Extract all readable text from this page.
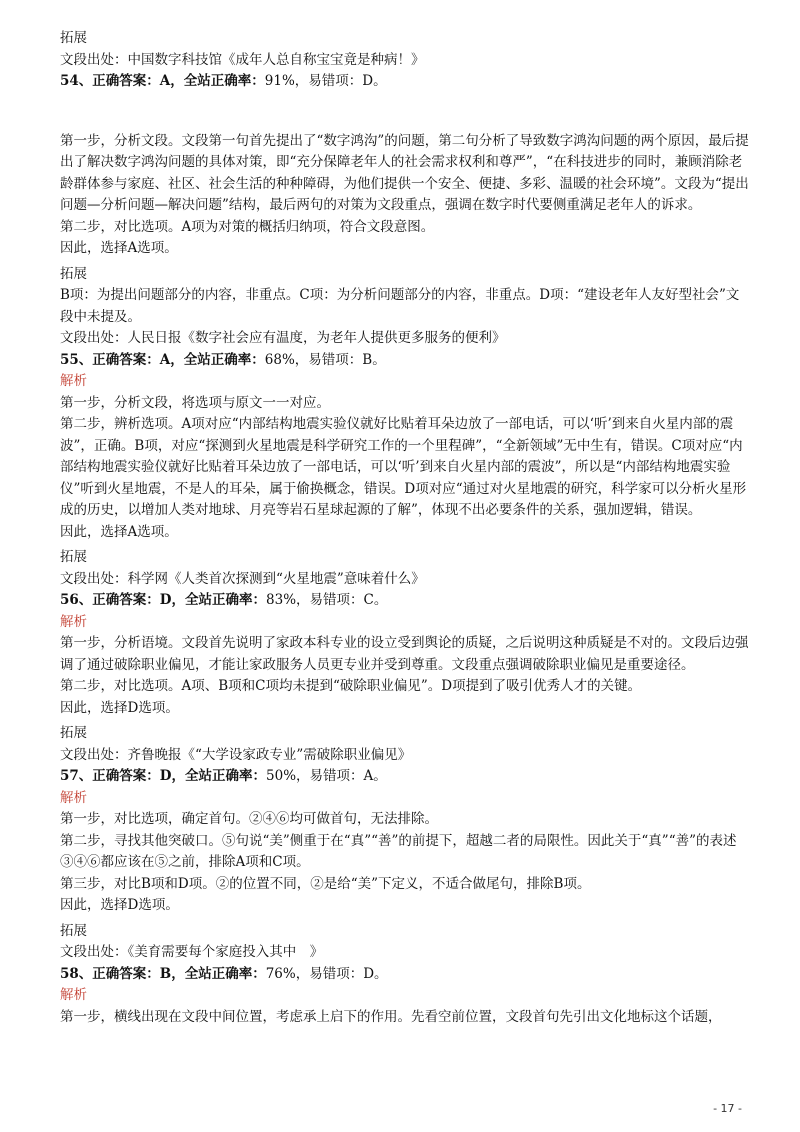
拓展

文段出处：中国数字科技馆《成年人总自称宝宝竟是种病！》

54、正确答案：A，全站正确率：91%，易错项：D。

第一步，分析文段。文段第一句首先提出了“数字鸿沟”的问题，第二句分析了导致数字鸿沟问题的两个原因，最后提出了解决数字鸿沟问题的具体对策，即“充分保障老年人的社会需求权利和尊严”，“在科技进步的同时，兼顾消除老龄群体参与家庭、社区、社会生活的种种障碍，为他们提供一个安全、便捷、多彩、温暖的社会环境”。文段为“提出问题—分析问题—解决问题”结构，最后两句的对策为文段重点，强调在数字时代要侧重满足老年人的诉求。

第二步，对比选项。A项为对策的概括归纳项，符合文段意图。

因此，选择A选项。

拓展

B项：为提出问题部分的内容，非重点。C项：为分析问题部分的内容，非重点。D项：“建设老年人友好型社会”文段中未提及。

文段出处：人民日报《数字社会应有温度，为老年人提供更多服务的便利》

55、正确答案：A，全站正确率：68%，易错项：B。

解析

第一步，分析文段，将选项与原文一一对应。

第二步，辨析选项。A项对应“内部结构地震实验仪就好比贴着耳朵边放了一部电话，可以‘听’到来自火星内部的震波”，正确。B项，对应“探测到火星地震是科学研究工作的一个里程碑”，“全新领域”无中生有，错误。C项对应“内部结构地震实验仪就好比贴着耳朵边放了一部电话，可以‘听’到来自火星内部的震波”，所以是“内部结构地震实验仪”听到火星地震，不是人的耳朵，属于偷换概念，错误。D项对应“通过对火星地震的研究，科学家可以分析火星形成的历史，以增加人类对地球、月亮等岩石星球起源的了解”，体现不出必要条件的关系，强加逻辑，错误。

因此，选择A选项。

拓展

文段出处：科学网《人类首次探测到“火星地震”意味着什么》

56、正确答案：D，全站正确率：83%，易错项：C。

解析

第一步，分析语境。文段首先说明了家政本科专业的设立受到舆论的质疑，之后说明这种质疑是不对的。文段后边强调了通过破除职业偏见，才能让家政服务人员更专业并受到尊重。文段重点强调破除职业偏见是重要途径。

第二步，对比选项。A项、B项和C项均未提到“破除职业偏见”。D项提到了吸引优秀人才的关键。

因此，选择D选项。

拓展

文段出处：齐鲁晚报《“大学设家政专业”需破除职业偏见》

57、正确答案：D，全站正确率：50%，易错项：A。

解析

第一步，对比选项，确定首句。②④⑥均可做首句，无法排除。

第二步，寻找其他突破口。⑤句说“美”侧重于在“真”“善”的前提下，超越二者的局限性。因此关于“真”“善”的表述③④⑥都应该在⑤之前，排除A项和C项。

第三步，对比B项和D项。②的位置不同，②是给“美”下定义，不适合做尾句，排除B项。

因此，选择D选项。

拓展

文段出处：《美育需要每个家庭投入其中　》

58、正确答案：B，全站正确率：76%，易错项：D。

解析

第一步，横线出现在文段中间位置，考虑承上启下的作用。先看空前位置，文段首句先引出文化地标这个话题，

- 17 -
